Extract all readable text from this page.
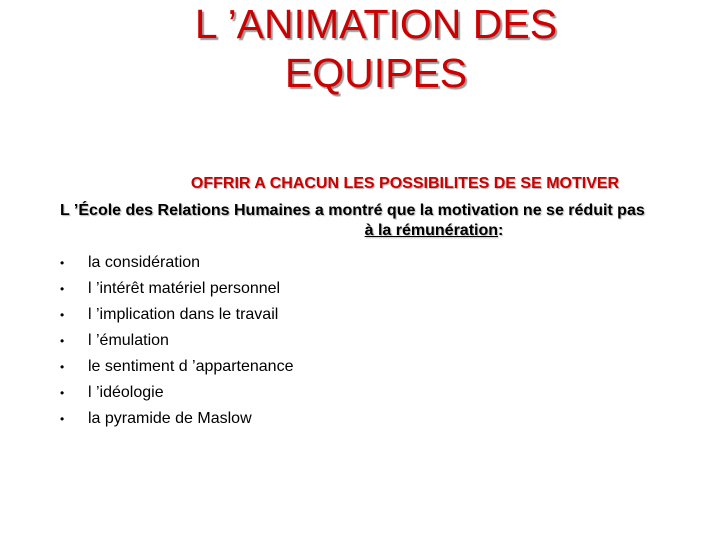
L ’ANIMATION DES
EQUIPES
OFFRIR A CHACUN LES POSSIBILITES DE SE MOTIVER
L ’École des Relations Humaines a montré que la motivation ne se réduit pas
à la rémunération:
•	la considération
•	l ’intérêt matériel personnel
•	l ’implication dans le travail
•	l ’émulation
•	le sentiment d ’appartenance
•	l ’idéologie
•	la pyramide de Maslow
